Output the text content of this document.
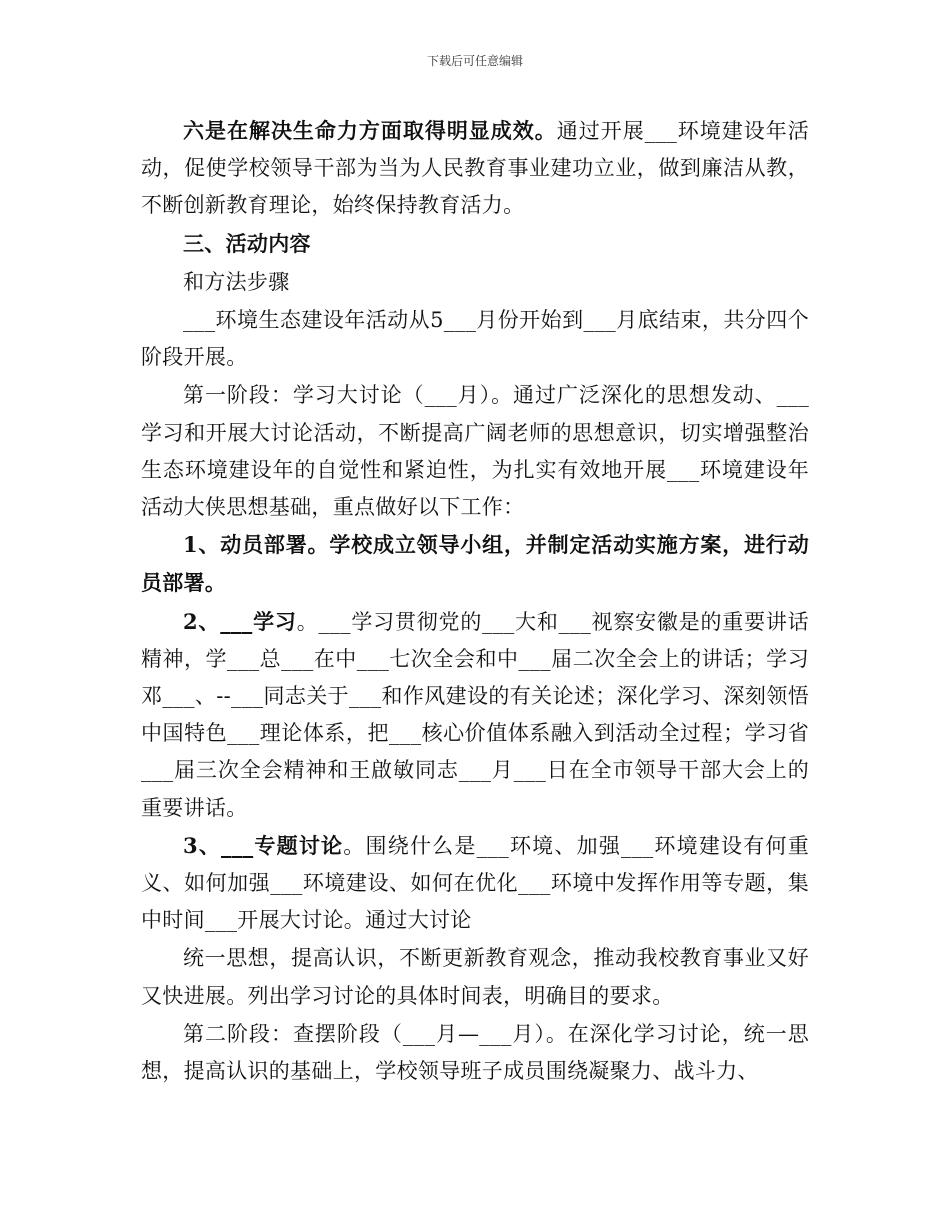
下载后可任意编辑

六是在解决生命力方面取得明显成效。通过开展___环境建设年活动，促使学校领导干部为当为人民教育事业建功立业，做到廉洁从教，不断创新教育理论，始终保持教育活力。

三、活动内容

和方法步骤

___环境生态建设年活动从5___月份开始到___月底结束，共分四个阶段开展。

第一阶段：学习大讨论（___月）。通过广泛深化的思想发动、___学习和开展大讨论活动，不断提高广阔老师的思想意识，切实增强整治生态环境建设年的自觉性和紧迫性，为扎实有效地开展___环境建设年活动大侠思想基础，重点做好以下工作：

1、动员部署。学校成立领导小组，并制定活动实施方案，进行动员部署。

2、___学习。___学习贯彻党的___大和___视察安徽是的重要讲话精神，学___总___在中___七次全会和中___届二次全会上的讲话；学习邓___、--___同志关于___和作风建设的有关论述；深化学习、深刻领悟中国特色___理论体系，把___核心价值体系融入到活动全过程；学习省___届三次全会精神和王啟敏同志___月___日在全市领导干部大会上的重要讲话。

3、___专题讨论。围绕什么是___环境、加强___环境建设有何重义、如何加强___环境建设、如何在优化___环境中发挥作用等专题，集中时间___开展大讨论。通过大讨论

统一思想，提高认识，不断更新教育观念，推动我校教育事业又好又快进展。列出学习讨论的具体时间表，明确目的要求。

第二阶段：查摆阶段（___月—___月）。在深化学习讨论，统一思想，提高认识的基础上，学校领导班子成员围绕凝聚力、战斗力、
